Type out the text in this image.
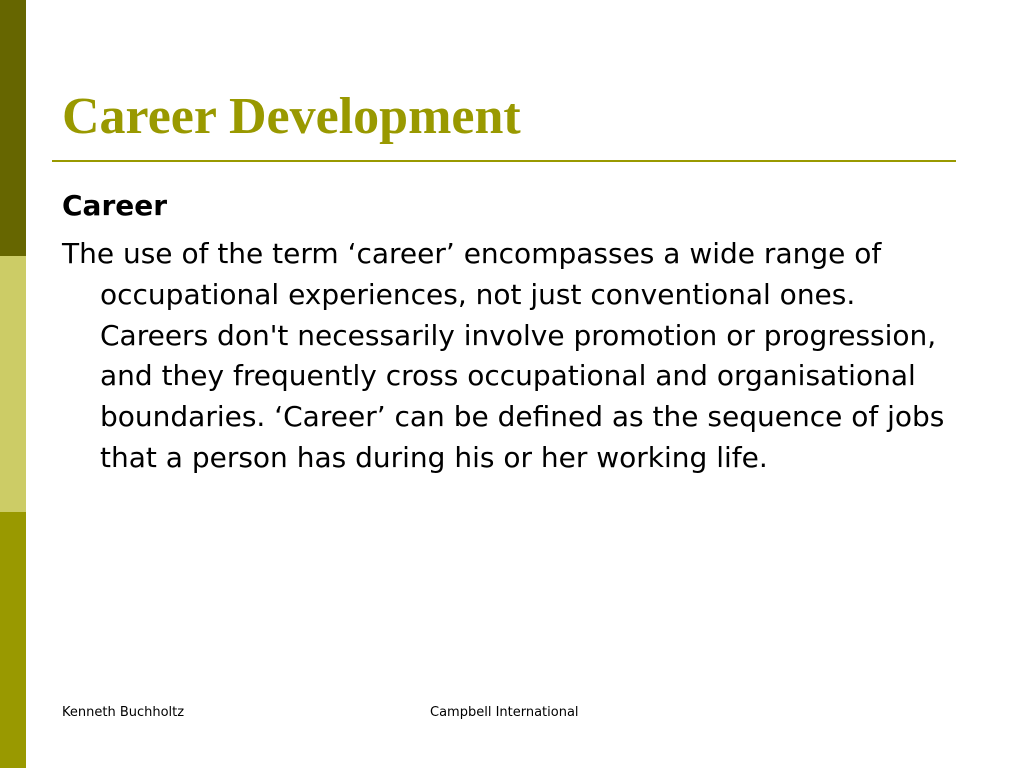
Career Development

Career

The use of the term ‘career’ encompasses a wide range of occupational experiences, not just conventional ones. Careers don't necessarily involve promotion or progression, and they frequently cross occupational and organisational boundaries. ‘Career’ can be defined as the sequence of jobs that a person has during his or her working life.

Kenneth Buchholtz	Campbell International
